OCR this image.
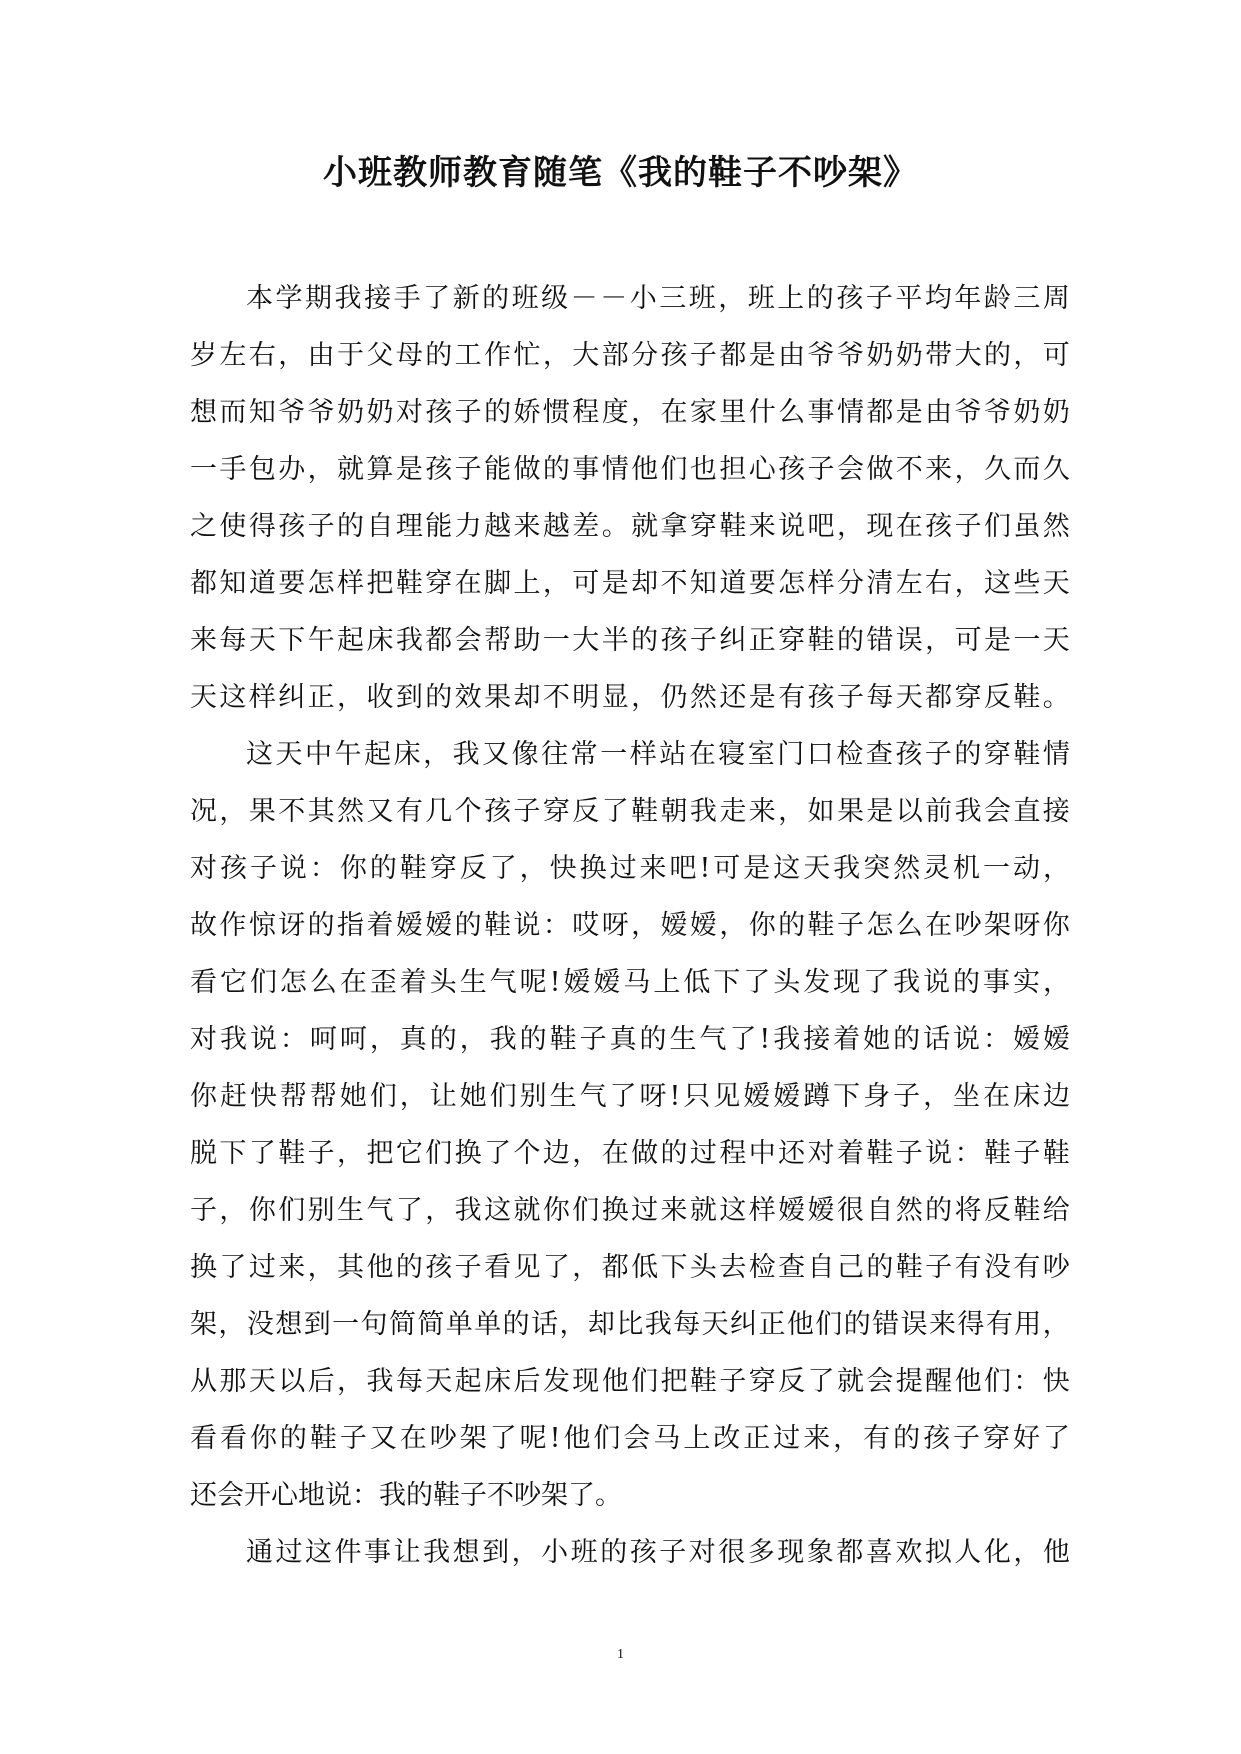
小班教师教育随笔《我的鞋子不吵架》
本 学 期 我 接 手 了 新 的 班 级 － － 小 三 班 ， 班 上 的 孩 子 平 均 年 龄 三 周
岁 左 右 ， 由 于 父 母 的 工 作 忙 ， 大 部 分 孩 子 都 是 由 爷 爷 奶 奶 带 大 的 ， 可
想 而 知 爷 爷 奶 奶 对 孩 子 的 娇 惯 程 度 ， 在 家 里 什 么 事 情 都 是 由 爷 爷 奶 奶
一 手 包 办 ， 就 算 是 孩 子 能 做 的 事 情 他 们 也 担 心 孩 子 会 做 不 来 ， 久 而 久
之 使 得 孩 子 的 自 理 能 力 越 来 越 差 。 就 拿 穿 鞋 来 说 吧 ， 现 在 孩 子 们 虽 然
都 知 道 要 怎 样 把 鞋 穿 在 脚 上 ， 可 是 却 不 知 道 要 怎 样 分 清 左 右 ， 这 些 天
来 每 天 下 午 起 床 我 都 会 帮 助 一 大 半 的 孩 子 纠 正 穿 鞋 的 错 误 ， 可 是 一 天
天 这 样 纠 正 ， 收 到 的 效 果 却 不 明 显 ， 仍 然 还 是 有 孩 子 每 天 都 穿 反 鞋 。
这 天 中 午 起 床 ， 我 又 像 往 常 一 样 站 在 寝 室 门 口 检 查 孩 子 的 穿 鞋 情
况 ， 果 不 其 然 又 有 几 个 孩 子 穿 反 了 鞋 朝 我 走 来 ， 如 果 是 以 前 我 会 直 接
对 孩 子 说 ： 你 的 鞋 穿 反 了 ， 快 换 过 来 吧 ! 可 是 这 天 我 突 然 灵 机 一 动 ，
故 作 惊 讶 的 指 着 嫒 嫒 的 鞋 说 ： 哎 呀 ， 嫒 嫒 ， 你 的 鞋 子 怎 么 在 吵 架 呀 你
看 它 们 怎 么 在 歪 着 头 生 气 呢 ! 嫒 嫒 马 上 低 下 了 头 发 现 了 我 说 的 事 实 ，
对 我 说 ： 呵 呵 ， 真 的 ， 我 的 鞋 子 真 的 生 气 了 ! 我 接 着 她 的 话 说 ： 嫒 嫒
你 赶 快 帮 帮 她 们 ， 让 她 们 别 生 气 了 呀 ! 只 见 嫒 嫒 蹲 下 身 子 ， 坐 在 床 边
脱 下 了 鞋 子 ， 把 它 们 换 了 个 边 ， 在 做 的 过 程 中 还 对 着 鞋 子 说 ： 鞋 子 鞋
子 ， 你 们 别 生 气 了 ， 我 这 就 你 们 换 过 来 就 这 样 嫒 嫒 很 自 然 的 将 反 鞋 给
换 了 过 来 ， 其 他 的 孩 子 看 见 了 ， 都 低 下 头 去 检 查 自 己 的 鞋 子 有 没 有 吵
架 ， 没 想 到 一 句 简 简 单 单 的 话 ， 却 比 我 每 天 纠 正 他 们 的 错 误 来 得 有 用 ，
从 那 天 以 后 ， 我 每 天 起 床 后 发 现 他 们 把 鞋 子 穿 反 了 就 会 提 醒 他 们 ： 快
看 看 你 的 鞋 子 又 在 吵 架 了 呢 ! 他 们 会 马 上 改 正 过 来 ， 有 的 孩 子 穿 好 了
还会开心地说：我的鞋子不吵架了。
通 过 这 件 事 让 我 想 到 ， 小 班 的 孩 子 对 很 多 现 象 都 喜 欢 拟 人 化 ， 他
1
